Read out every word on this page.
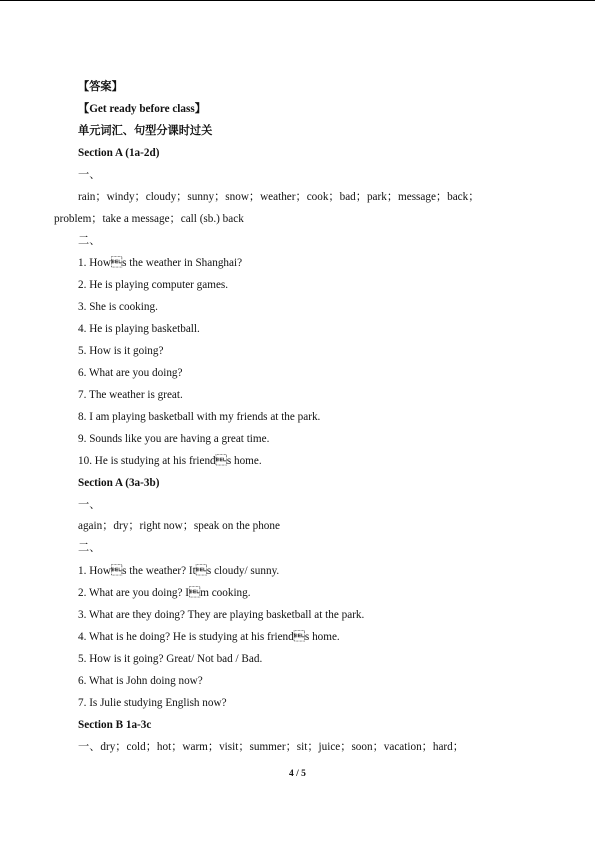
【答案】
【Get ready before class】
单元词汇、句型分课时过关
Section A (1a-2d)
一、
rain；windy；cloudy；sunny；snow；weather；cook；bad；park；message；back；
problem；take a message；call (sb.) back
二、
1. Hows the weather in Shanghai?
2. He is playing computer games.
3. She is cooking.
4. He is playing basketball.
5. How is it going?
6. What are you doing?
7. The weather is great.
8. I am playing basketball with my friends at the park.
9. Sounds like you are having a great time.
10. He is studying at his friends home.
Section A (3a-3b)
一、
again；dry；right now；speak on the phone
二、
1. Hows the weather? Its cloudy/ sunny.
2. What are you doing? Im cooking.
3. What are they doing? They are playing basketball at the park.
4. What is he doing? He is studying at his friends home.
5. How is it going? Great/ Not bad / Bad.
6. What is John doing now?
7. Is Julie studying English now?
Section B 1a-3c
一、dry；cold；hot；warm；visit；summer；sit；juice；soon；vacation；hard；
4 / 5
